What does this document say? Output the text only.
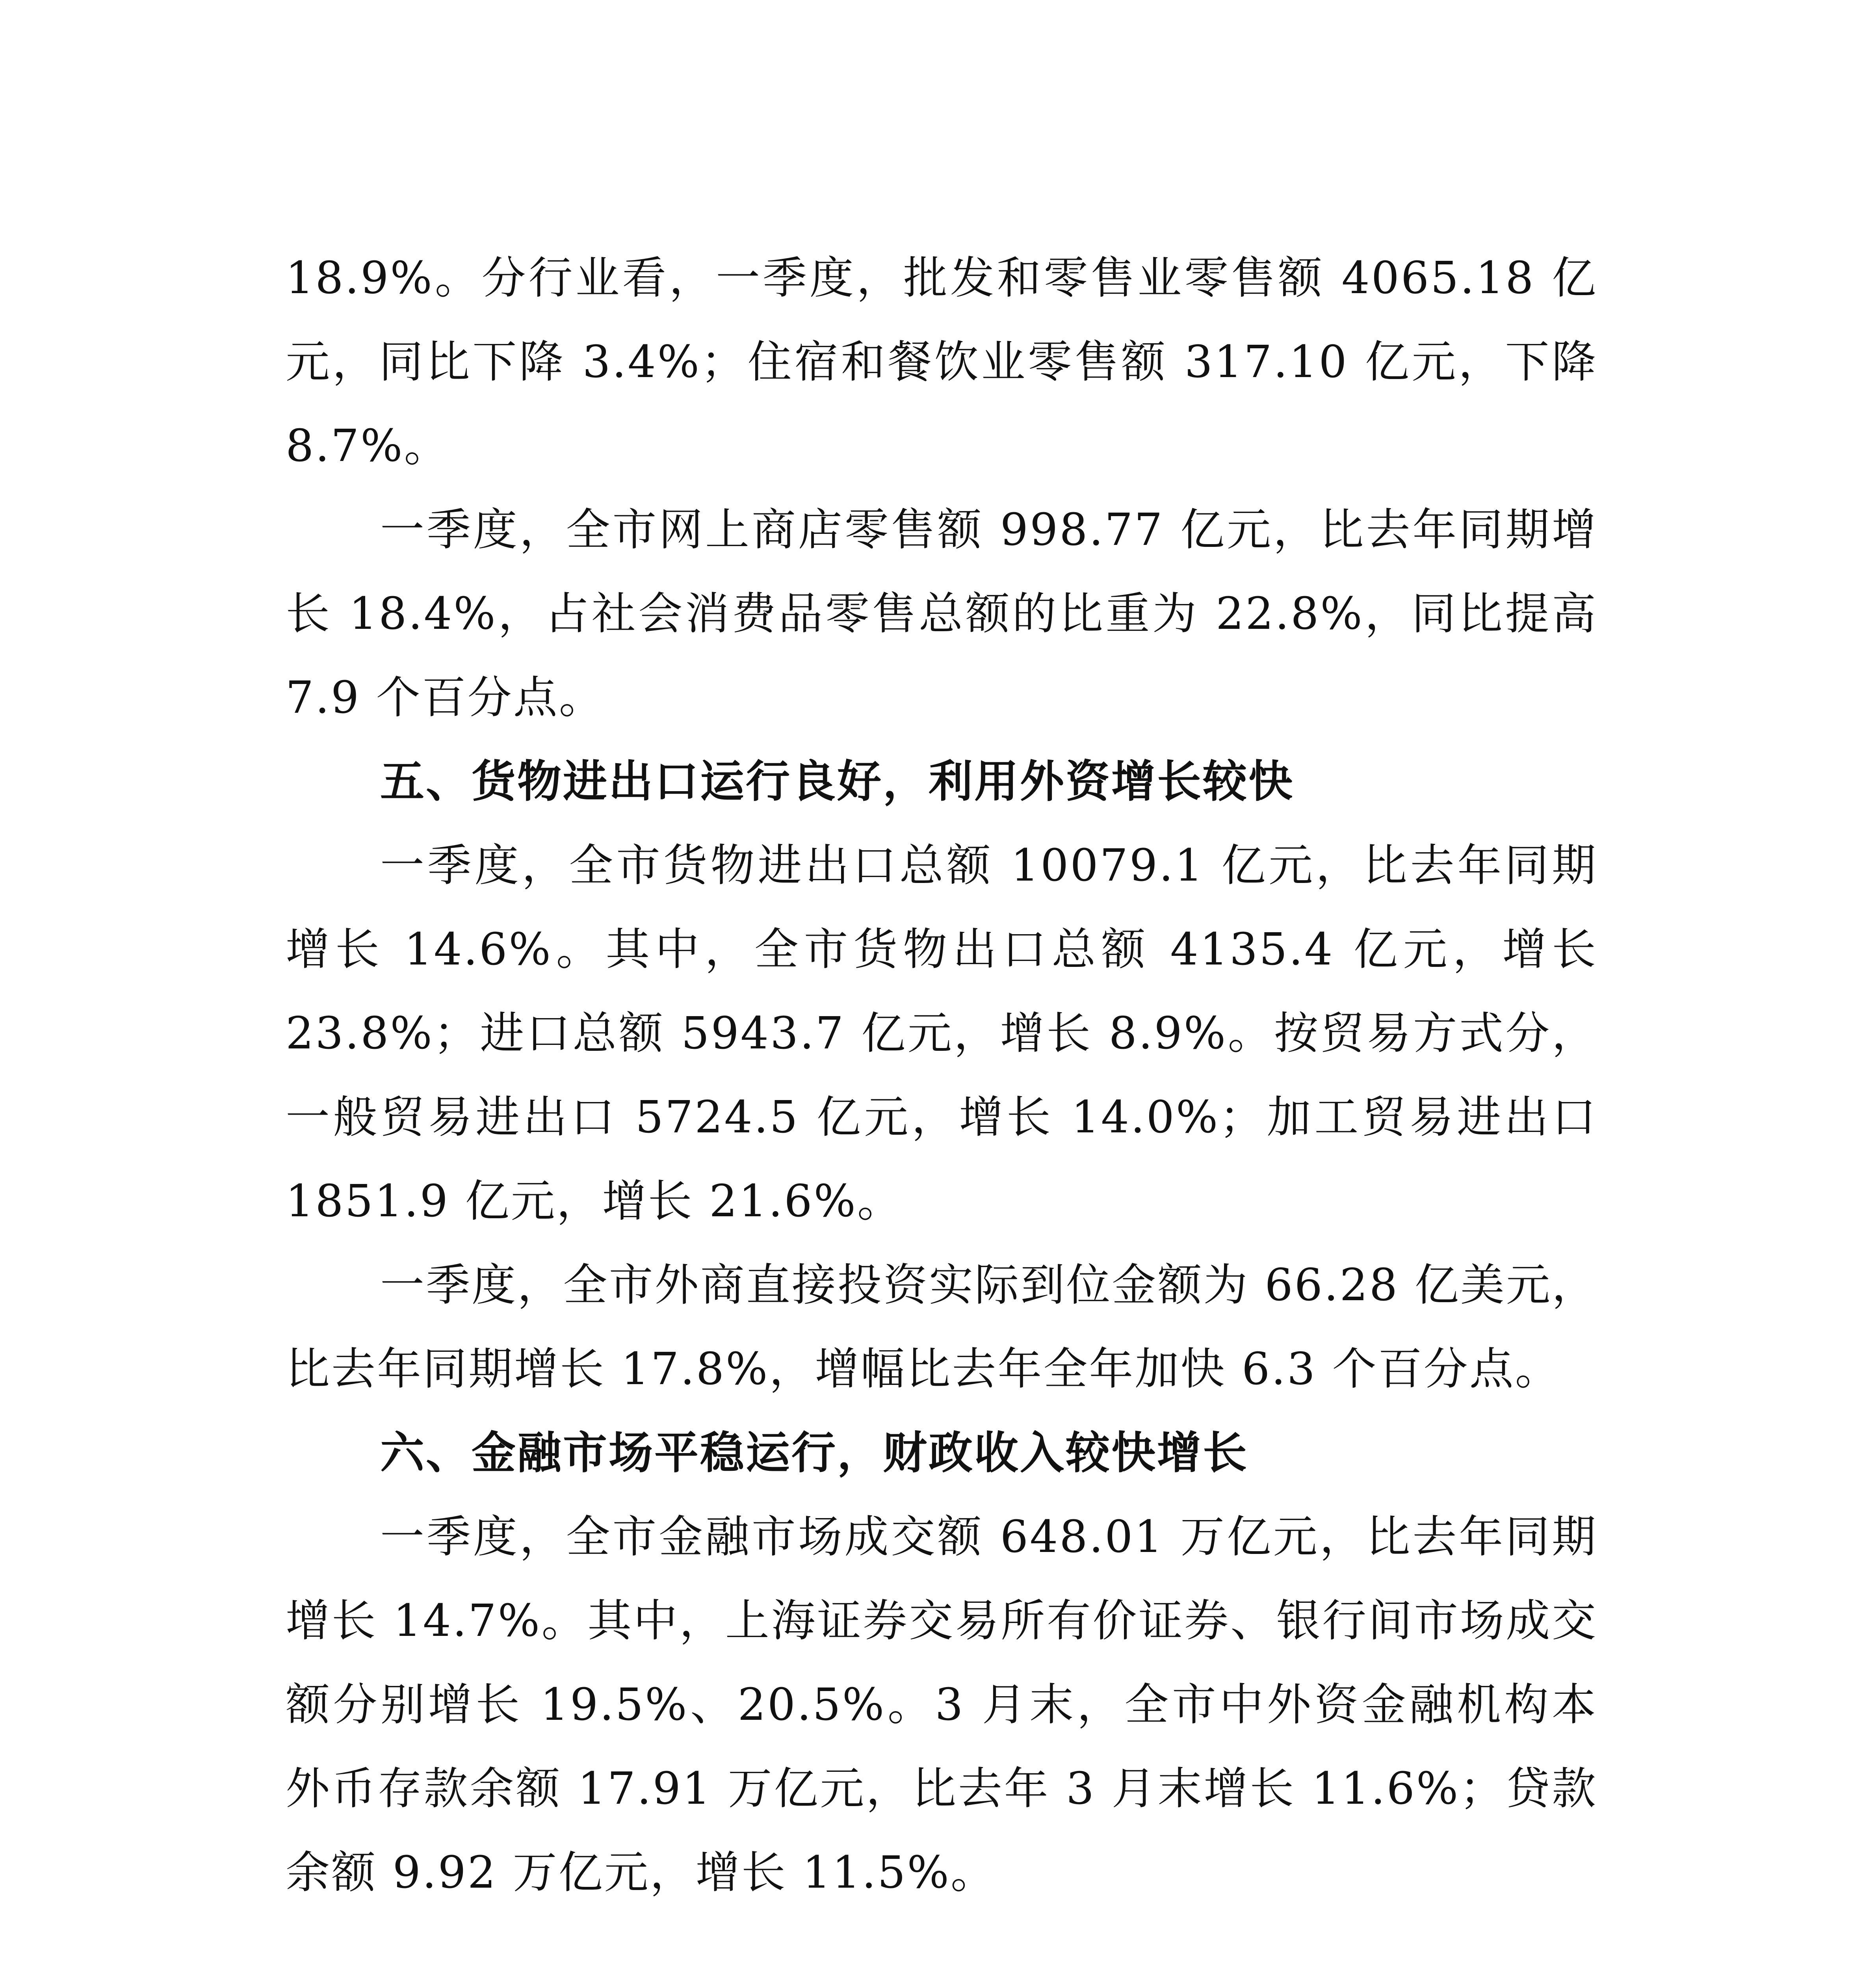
18.9%。分行业看，一季度，批发和零售业零售额 4065.18 亿元，同比下降 3.4%；住宿和餐饮业零售额 317.10 亿元，下降 8.7%。

一季度，全市网上商店零售额 998.77 亿元，比去年同期增长 18.4%，占社会消费品零售总额的比重为 22.8%，同比提高 7.9 个百分点。

五、货物进出口运行良好，利用外资增长较快

一季度，全市货物进出口总额 10079.1 亿元，比去年同期增长 14.6%。其中，全市货物出口总额 4135.4 亿元，增长 23.8%；进口总额 5943.7 亿元，增长 8.9%。按贸易方式分，一般贸易进出口 5724.5 亿元，增长 14.0%；加工贸易进出口 1851.9 亿元，增长 21.6%。

一季度，全市外商直接投资实际到位金额为 66.28 亿美元，比去年同期增长 17.8%，增幅比去年全年加快 6.3 个百分点。

六、金融市场平稳运行，财政收入较快增长

一季度，全市金融市场成交额 648.01 万亿元，比去年同期增长 14.7%。其中，上海证券交易所有价证券、银行间市场成交额分别增长 19.5%、20.5%。3 月末，全市中外资金融机构本外币存款余额 17.91 万亿元，比去年 3 月末增长 11.6%；贷款余额 9.92 万亿元，增长 11.5%。
